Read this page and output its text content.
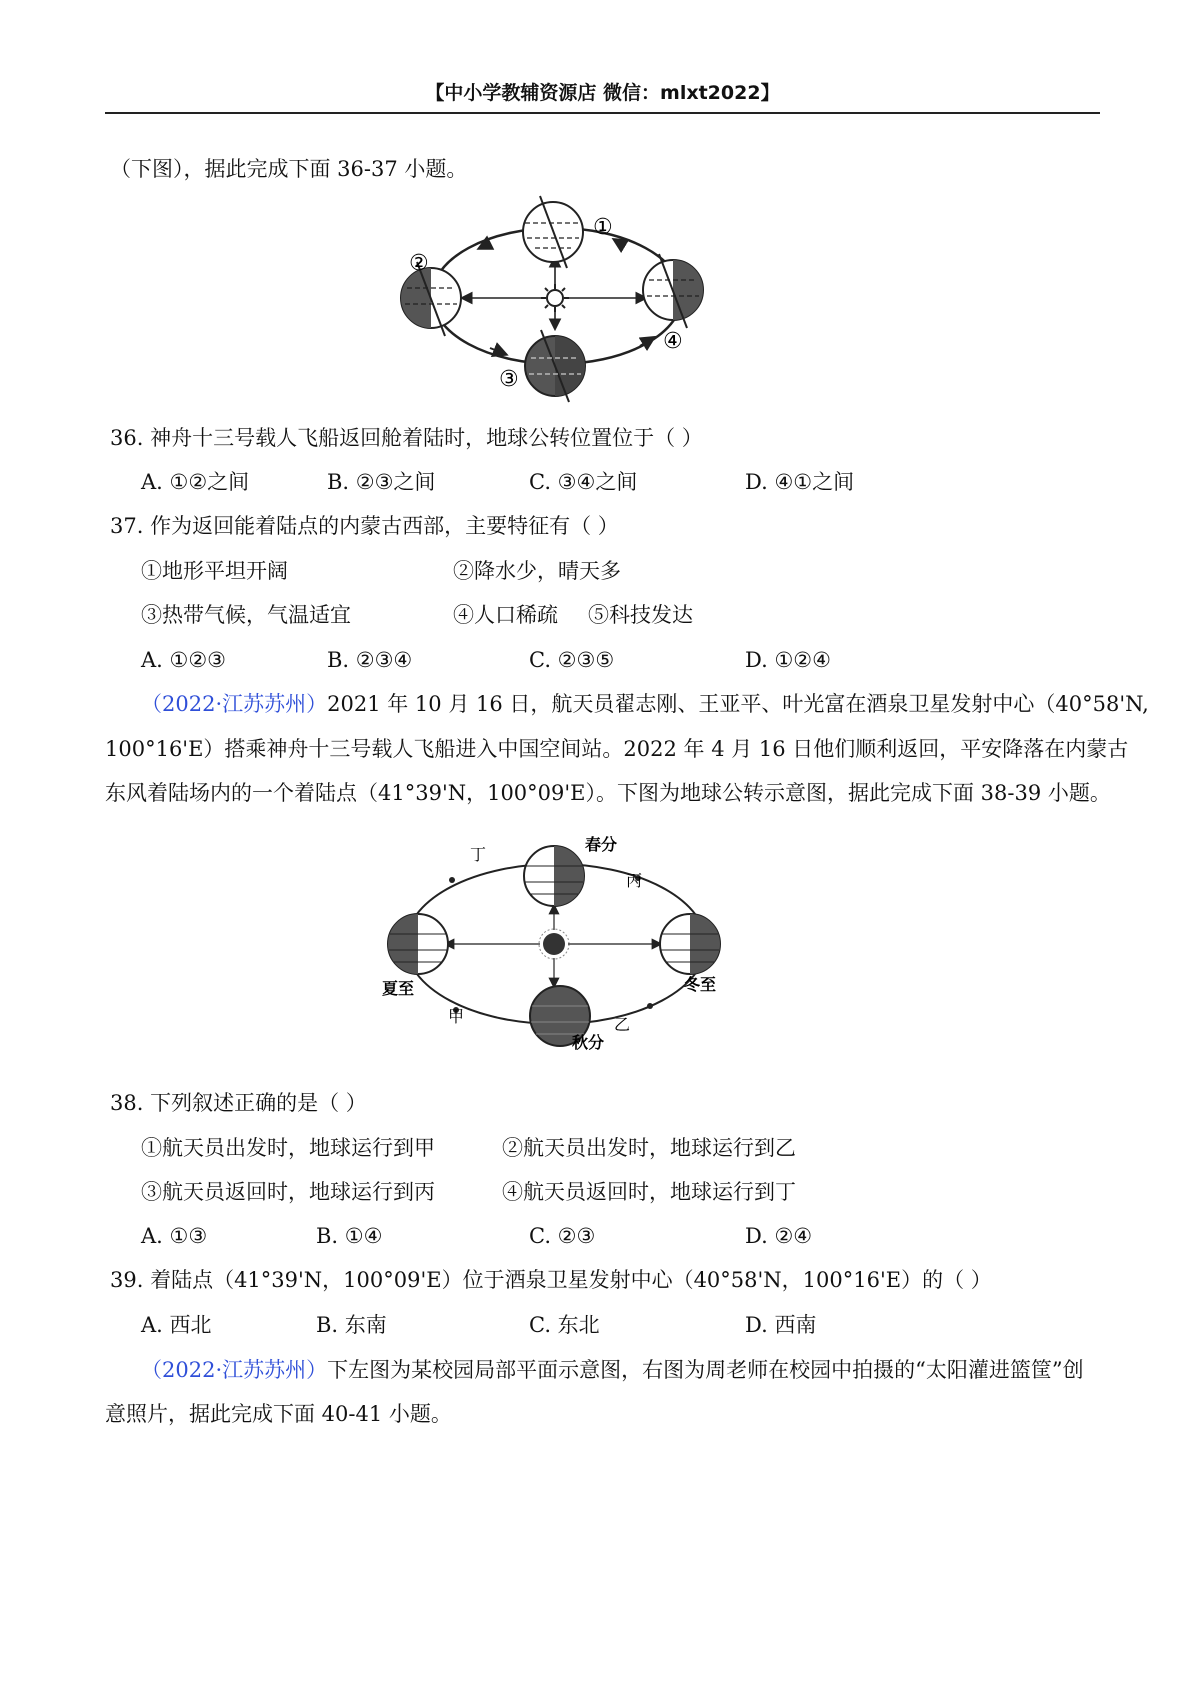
【中小学教辅资源店 微信：mlxt2022】
（下图），据此完成下面 36-37 小题。
①
②
③
④
36. 神舟十三号载人飞船返回舱着陆时，地球公转位置位于（ ）
A. ①②之间	B. ②③之间	C. ③④之间	D. ④①之间
37. 作为返回能着陆点的内蒙古西部，主要特征有（ ）
①地形平坦开阔	②降水少，晴天多
③热带气候，气温适宜	④人口稀疏 ⑤科技发达
A. ①②③	B. ②③④	C. ②③⑤	D. ①②④
（2022·江苏苏州）2021 年 10 月 16 日，航天员翟志刚、王亚平、叶光富在酒泉卫星发射中心（40°58'N,
100°16'E）搭乘神舟十三号载人飞船进入中国空间站。2022 年 4 月 16 日他们顺利返回，平安降落在内蒙古
东风着陆场内的一个着陆点（41°39'N，100°09'E）。下图为地球公转示意图，据此完成下面 38-39 小题。
春分
夏至	冬至
秋分
丙
丁
甲	乙
38. 下列叙述正确的是（ ）
①航天员出发时，地球运行到甲	②航天员出发时，地球运行到乙
③航天员返回时，地球运行到丙	④航天员返回时，地球运行到丁
A. ①③	B. ①④	C. ②③	D. ②④
39. 着陆点（41°39'N，100°09'E）位于酒泉卫星发射中心（40°58'N，100°16'E）的（ ）
A. 西北	B. 东南	C. 东北	D. 西南
（2022·江苏苏州）下左图为某校园局部平面示意图，右图为周老师在校园中拍摄的“太阳灌进篮筐”创
意照片，据此完成下面 40-41 小题。
